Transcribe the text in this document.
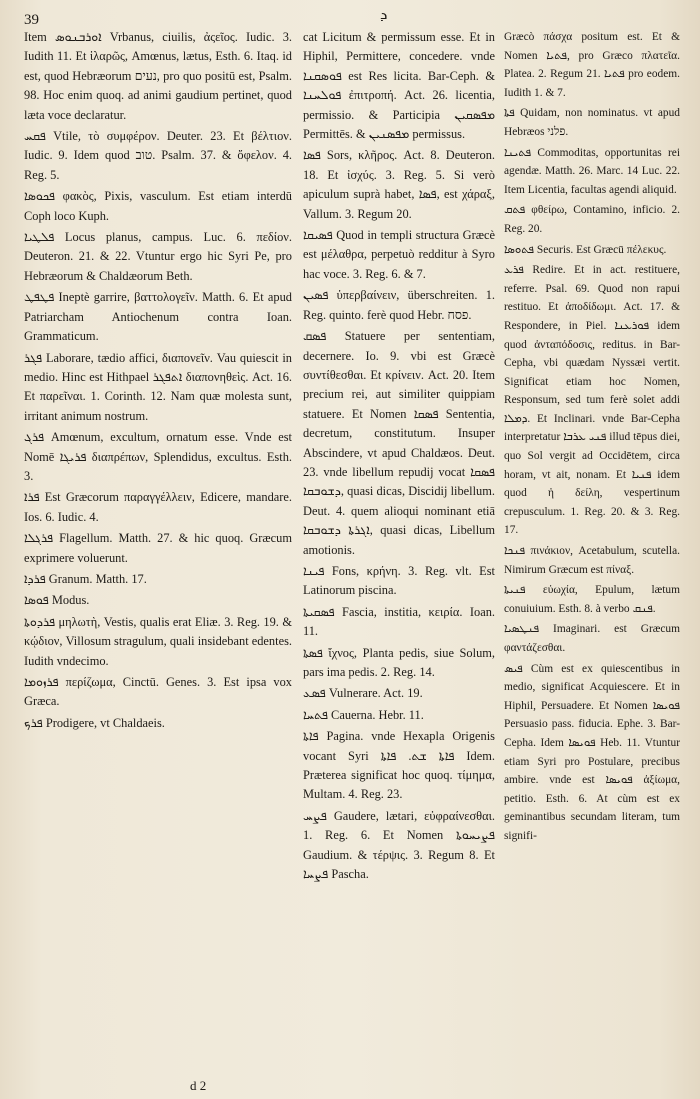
39	ܕ

Item ܐܘܪܒܢܘܣ Vrbanus, ciuilis, ἀςεῖος. Iudic. 3. Iudith 11. Et ἱλαρῶς, Amœnus, lætus, Esth. 6. Itaq. id est, quod Hebræorum נעים, pro quo positū est, Psalm. 98. Hoc enim quoq. ad animi gaudium pertinet, quod læta voce declaratur.

ܦܩܚ Vtile, τὸ συμφέρον. Deuter. 23. Et βέλτιον. Iudic. 9. Idem quod טוב. Psalm. 37. & ὄφελον. 4. Reg. 5.

ܦܟܘܣܐ φακὸς, Pixis, vasculum. Est etiam interdū Coph loco Kuph.

ܦܠܛܝܐ Locus planus, campus. Luc. 6. πεδίον. Deuteron. 21. & 22. Vtuntur ergo hic Syri Pe, pro Hebræorum & Chaldæorum Beth.

ܦܛܦܛ Ineptè garrire, βαττολογεῖν. Matth. 6. Et apud Patriarcham Antiochenum contra Ioan. Grammaticum.

ܦܓܪ Laborare, tædio affici, διαπονεῖν. Vau quiescit in medio. Hinc est Hithpael ܐܬܦܓܪ διαπονηθεὶς. Act. 16. Et παρεῖναι. 1. Corinth. 12. Nam quæ molesta sunt, irritant animum nostrum.

ܦܪܓ Amœnum, excultum, ornatum esse. Vnde est Nomē ܦܪܝܓܐ διαπρέπων, Splendidus, excultus. Esth. 3.

ܦܪܐ Est Græcorum παραγγέλλειν, Edicere, mandare. Ios. 6. Iudic. 4.

ܦܪܓܠܐ Flagellum. Matth. 27. & hic quoq. Græcum exprimere voluerunt.

ܦܪܕܐ Granum. Matth. 17.

ܦܘܣܐ Modus.

ܦܪܕܘܬܐ μηλωτὴ, Vestis, qualis erat Eliæ. 3. Reg. 19. & κῴδιον, Villosum stragulum, quali insidebant edentes. Iudith vndecimo.

ܦܪܙܘܡܐ περίζωμα, Cinctū. Genes. 3. Est ipsa vox Græca.

ܦܪܟ Prodigere, vt Chaldaeis.

cat Licitum & permissum esse. Et in Hiphil, Permittere, concedere. vnde ܦܘܣܩܢܐ est Res licita. Bar-Ceph. & ܦܘܠܚܢܐ ἐπιτροπή. Act. 26. licentia, permissio. & Participia ܡܦܣܩܝܢ Permittēs. & ܡܦܣܢܝܢ permissus.

ܦܣܐ Sors, κλῆρος. Act. 8. Deuteron. 18. Et ἰσχύς. 3. Reg. 5. Si verò apiculum suprà habet, ܦܣܐ, est χάραξ, Vallum. 3. Regum 20.

ܦܣܝܩܐ Quod in templi structura Græcè est μέλαθρα, perpetuò redditur à Syro hac voce. 3. Reg. 6. & 7.

ܦܣܝܢ ὑπερβαίνειν, überschreiten. 1. Reg. quinto. ferè quod Hebr. פסח.

ܦܣܩ Statuere per sententiam, decernere. Io. 9. vbi est Græcè συντίθεσθαι. Et κρίνειν. Act. 20. Item precium rei, aut similiter quippiam statuere. Et Nomen ܦܣܩܐ Sententia, decretum, constitutum. Insuper Abscindere, vt apud Chaldæos. Deut. 23. vnde libellum repudij vocat ܦܣܩܐ ܕܫܘܒܩܐ, quasi dicas, Discidij libellum. Deut. 4. quem alioqui nominant etiā ܐܓܪܬܐ ܕܫܘܒܩܐ, quasi dicas, Libellum amotionis.

ܦܝܢܐ Fons, κρήνη. 3. Reg. vlt. Est Latinorum piscina.

ܦܣܩܝܬܐ Fascia, institia, κειρία. Ioan. 11.

ܦܣܬܐ ἴχνος, Planta pedis, siue Solum, pars ima pedis. 2. Reg. 14.

ܦܣܥ Vulnerare. Act. 19.

ܦܬܚܐ Cauerna. Hebr. 11.

ܦܐܬܐ Pagina. vnde Hexapla Origenis vocant Syri ܦܐܬܐ ܫܬ. ܦܐܬܐ Idem. Præterea significat hoc quoq. τίμημα, Multam. 4. Reg. 23.

ܦܨܚ Gaudere, lætari, εὐφραίνεσθαι. 1. Reg. 6. Et Nomen ܦܨܝܚܘܬܐ Gaudium. & τέρψις. 3. Regum 8. Et ܦܨܚܐ Pascha.

Græcò πάσχα positum est. Et & Nomen ܦܬܝܐ, pro Græco πλατεῖα. Platea. 2. Regum 21. ܦܬܝܐ pro eodem. Iudith 1. & 7.

ܦܬܐ Quidam, non nominatus. vt apud Hebræos פלני.

ܦܬܝܢܐ Commoditas, opportunitas rei agendæ. Matth. 26. Marc. 14 Luc. 22. Item Licentia, facultas agendi aliquid.

ܦܬܩ φθείρω, Contamino, inficio. 2. Reg. 20.

ܦܬܘܣܐ Securis. Est Græcū πέλεκυς.

ܦܪܥ Redire. Et in act. restituere, referre. Psal. 69. Quod non rapui restituo. Et ἀποδίδωμι. Act. 17. & Respondere, in Piel. ܦܘܪܥܢܐ idem quod ἀνταπόδοσις, reditus. in Bar-Cepha, vbi quædam Nyssæi vertit. Significat etiam hoc Nomen, Responsum, sed tum ferè solet addi ܕܡܠܐ. Et Inclinari. vnde Bar-Cepha interpretatur ܦܢܝ ܥܪܒܐ illud tēpus diei, quo Sol vergit ad Occidētem, circa horam, vt ait, nonam. Et ܦܢܝܐ idem quod ἡ δείλη, vespertinum crepusculum. 1. Reg. 20. & 3. Reg. 17.

ܦܢܟܐ πινάκιον, Acetabulum, scutella. Nimirum Græcum est πίναξ.

ܦܢܝܬܐ εὐωχία, Epulum, lætum conuiuium. Esth. 8. à verbo ܦܢܩ.

ܦܢܛܣܝܐ Imaginari. est Græcum φαντάζεσθαι.

ܦܝܣ Cùm est ex quiescentibus in medio, significat Acquiescere. Et in Hiphil, Persuadere. Et Nomen ܦܘܝܣܐ Persuasio pass. fiducia. Ephe. 3. Bar-Cepha. Idem ܦܘܝܣܐ Heb. 11. Vtuntur etiam Syri pro Postulare, precibus ambire. vnde est ܦܘܝܣܐ ἀξίωμα, petitio. Esth. 6. At cùm est ex geminantibus secundam literam, tum signifi-

d 2
